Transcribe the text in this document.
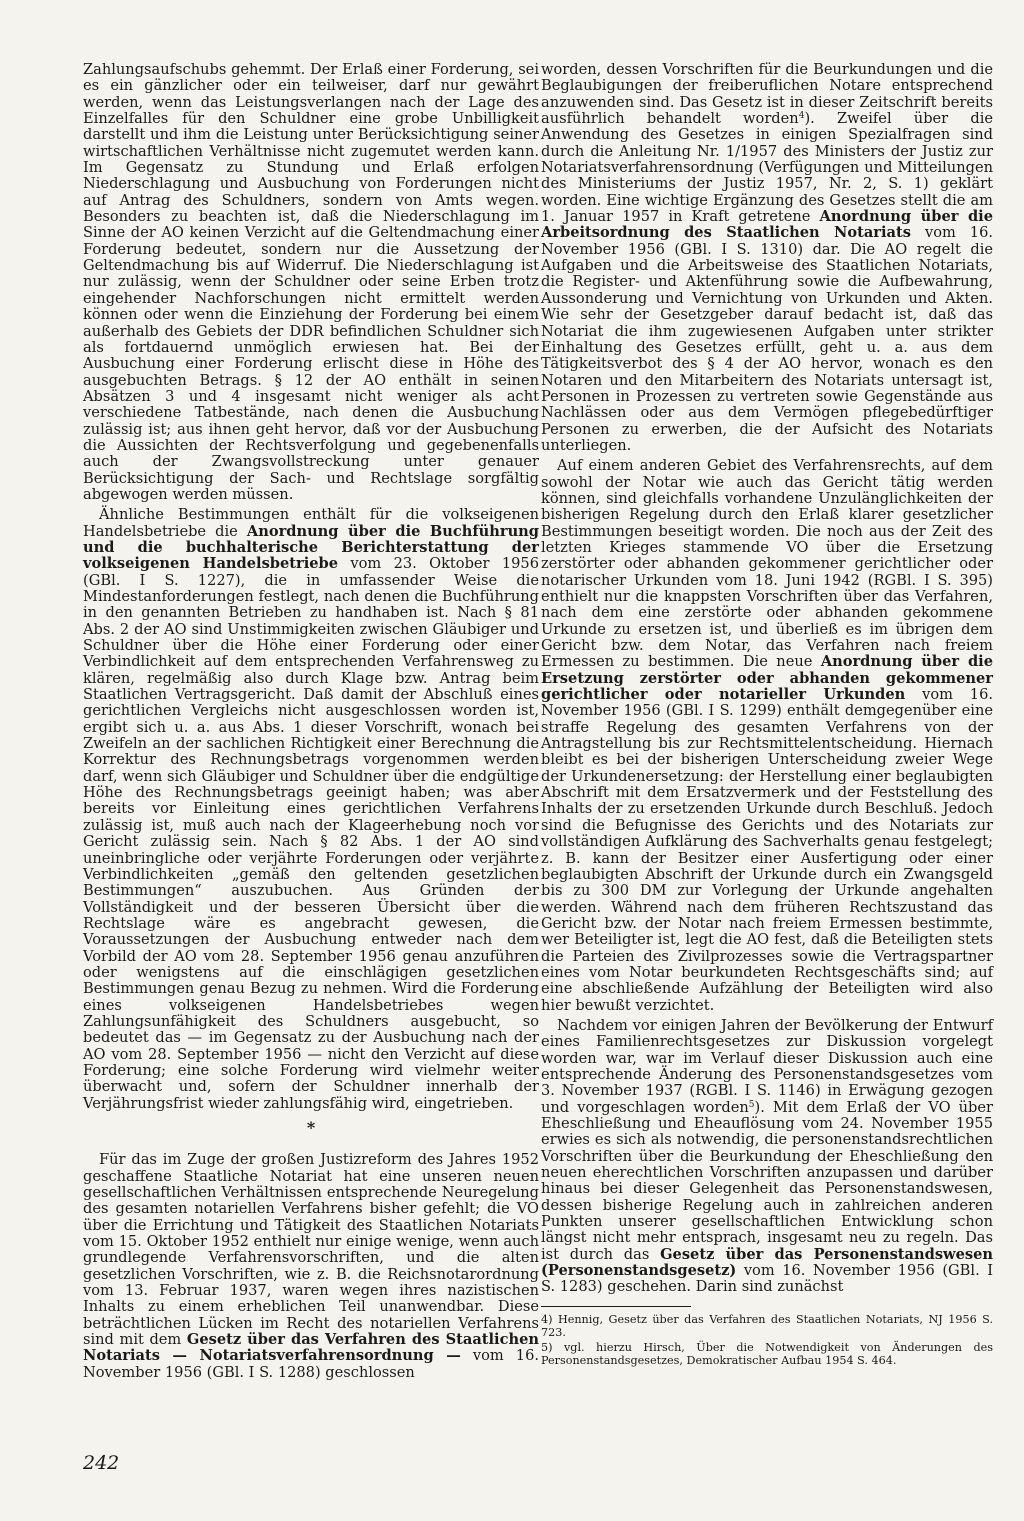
Zahlungsaufschubs gehemmt. Der Erlaß einer Forderung, sei es ein gänzlicher oder ein teilweiser, darf nur gewährt werden, wenn das Leistungsverlangen nach der Lage des Einzelfalles für den Schuldner eine grobe Unbilligkeit darstellt und ihm die Leistung unter Berücksichtigung seiner wirtschaftlichen Verhältnisse nicht zugemutet werden kann. Im Gegensatz zu Stundung und Erlaß erfolgen Niederschlagung und Ausbuchung von Forderungen nicht auf Antrag des Schuldners, sondern von Amts wegen. Besonders zu beachten ist, daß die Niederschlagung im Sinne der AO keinen Verzicht auf die Geltendmachung einer Forderung bedeutet, sondern nur die Aussetzung der Geltendmachung bis auf Widerruf. Die Niederschlagung ist nur zulässig, wenn der Schuldner oder seine Erben trotz eingehender Nachforschungen nicht ermittelt werden können oder wenn die Einziehung der Forderung bei einem außerhalb des Gebiets der DDR befindlichen Schuldner sich als fortdauernd unmöglich erwiesen hat. Bei der Ausbuchung einer Forderung erlischt diese in Höhe des ausgebuchten Betrags. § 12 der AO enthält in seinen Absätzen 3 und 4 insgesamt nicht weniger als acht verschiedene Tatbestände, nach denen die Ausbuchung zulässig ist; aus ihnen geht hervor, daß vor der Ausbuchung die Aussichten der Rechtsverfolgung und gegebenenfalls auch der Zwangsvollstreckung unter genauer Berücksichtigung der Sach- und Rechtslage sorgfältig abgewogen werden müssen.

Ähnliche Bestimmungen enthält für die volkseigenen Handelsbetriebe die Anordnung über die Buchführung und die buchhalterische Berichterstattung der volkseigenen Handelsbetriebe vom 23. Oktober 1956 (GBl. I S. 1227), die in umfassender Weise die Mindestanforderungen festlegt, nach denen die Buchführung in den genannten Betrieben zu handhaben ist. Nach § 81 Abs. 2 der AO sind Unstimmigkeiten zwischen Gläubiger und Schuldner über die Höhe einer Forderung oder einer Verbindlichkeit auf dem entsprechenden Verfahrensweg zu klären, regelmäßig also durch Klage bzw. Antrag beim Staatlichen Vertragsgericht. Daß damit der Abschluß eines gerichtlichen Vergleichs nicht ausgeschlossen worden ist, ergibt sich u. a. aus Abs. 1 dieser Vorschrift, wonach bei Zweifeln an der sachlichen Richtigkeit einer Berechnung die Korrektur des Rechnungsbetrags vorgenommen werden darf, wenn sich Gläubiger und Schuldner über die endgültige Höhe des Rechnungsbetrags geeinigt haben; was aber bereits vor Einleitung eines gerichtlichen Verfahrens zulässig ist, muß auch nach der Klageerhebung noch vor Gericht zulässig sein. Nach § 82 Abs. 1 der AO sind uneinbringliche oder verjährte Forderungen oder verjährte Verbindlichkeiten „gemäß den geltenden gesetzlichen Bestimmungen“ auszubuchen. Aus Gründen der Vollständigkeit und der besseren Übersicht über die Rechtslage wäre es angebracht gewesen, die Voraussetzungen der Ausbuchung entweder nach dem Vorbild der AO vom 28. September 1956 genau anzuführen oder wenigstens auf die einschlägigen gesetzlichen Bestimmungen genau Bezug zu nehmen. Wird die Forderung eines volkseigenen Handelsbetriebes wegen Zahlungsunfähigkeit des Schuldners ausgebucht, so bedeutet das — im Gegensatz zu der Ausbuchung nach der AO vom 28. September 1956 — nicht den Verzicht auf diese Forderung; eine solche Forderung wird vielmehr weiter überwacht und, sofern der Schuldner innerhalb der Verjährungsfrist wieder zahlungsfähig wird, eingetrieben.

*

Für das im Zuge der großen Justizreform des Jahres 1952 geschaffene Staatliche Notariat hat eine unseren neuen gesellschaftlichen Verhältnissen entsprechende Neuregelung des gesamten notariellen Verfahrens bisher gefehlt; die VO über die Errichtung und Tätigkeit des Staatlichen Notariats vom 15. Oktober 1952 enthielt nur einige wenige, wenn auch grundlegende Verfahrensvorschriften, und die alten gesetzlichen Vorschriften, wie z. B. die Reichsnotarordnung vom 13. Februar 1937, waren wegen ihres nazistischen Inhalts zu einem erheblichen Teil unanwendbar. Diese beträchtlichen Lücken im Recht des notariellen Verfahrens sind mit dem Gesetz über das Verfahren des Staatlichen Notariats — Notariatsverfahrensordnung — vom 16. November 1956 (GBl. I S. 1288) geschlossen

worden, dessen Vorschriften für die Beurkundungen und die Beglaubigungen der freiberuflichen Notare entsprechend anzuwenden sind. Das Gesetz ist in dieser Zeitschrift bereits ausführlich behandelt worden$^4$). Zweifel über die Anwendung des Gesetzes in einigen Spezialfragen sind durch die Anleitung Nr. 1/1957 des Ministers der Justiz zur Notariatsverfahrensordnung (Verfügungen und Mitteilungen des Ministeriums der Justiz 1957, Nr. 2, S. 1) geklärt worden. Eine wichtige Ergänzung des Gesetzes stellt die am 1. Januar 1957 in Kraft getretene Anordnung über die Arbeitsordnung des Staatlichen Notariats vom 16. November 1956 (GBl. I S. 1310) dar. Die AO regelt die Aufgaben und die Arbeitsweise des Staatlichen Notariats, die Register- und Aktenführung sowie die Aufbewahrung, Aussonderung und Vernichtung von Urkunden und Akten. Wie sehr der Gesetzgeber darauf bedacht ist, daß das Notariat die ihm zugewiesenen Aufgaben unter strikter Einhaltung des Gesetzes erfüllt, geht u. a. aus dem Tätigkeitsverbot des § 4 der AO hervor, wonach es den Notaren und den Mitarbeitern des Notariats untersagt ist, Personen in Prozessen zu vertreten sowie Gegenstände aus Nachlässen oder aus dem Vermögen pflegebedürftiger Personen zu erwerben, die der Aufsicht des Notariats unterliegen.

Auf einem anderen Gebiet des Verfahrensrechts, auf dem sowohl der Notar wie auch das Gericht tätig werden können, sind gleichfalls vorhandene Unzulänglichkeiten der bisherigen Regelung durch den Erlaß klarer gesetzlicher Bestimmungen beseitigt worden. Die noch aus der Zeit des letzten Krieges stammende VO über die Ersetzung zerstörter oder abhanden gekommener gerichtlicher oder notarischer Urkunden vom 18. Juni 1942 (RGBl. I S. 395) enthielt nur die knappsten Vorschriften über das Verfahren, nach dem eine zerstörte oder abhanden gekommene Urkunde zu ersetzen ist, und überließ es im übrigen dem Gericht bzw. dem Notar, das Verfahren nach freiem Ermessen zu bestimmen. Die neue Anordnung über die Ersetzung zerstörter oder abhanden gekommener gerichtlicher oder notarieller Urkunden vom 16. November 1956 (GBl. I S. 1299) enthält demgegenüber eine straffe Regelung des gesamten Verfahrens von der Antragstellung bis zur Rechtsmittelentscheidung. Hiernach bleibt es bei der bisherigen Unterscheidung zweier Wege der Urkundenersetzung: der Herstellung einer beglaubigten Abschrift mit dem Ersatzvermerk und der Feststellung des Inhalts der zu ersetzenden Urkunde durch Beschluß. Jedoch sind die Befugnisse des Gerichts und des Notariats zur vollständigen Aufklärung des Sachverhalts genau festgelegt; z. B. kann der Besitzer einer Ausfertigung oder einer beglaubigten Abschrift der Urkunde durch ein Zwangsgeld bis zu 300 DM zur Vorlegung der Urkunde angehalten werden. Während nach dem früheren Rechtszustand das Gericht bzw. der Notar nach freiem Ermessen bestimmte, wer Beteiligter ist, legt die AO fest, daß die Beteiligten stets die Parteien des Zivilprozesses sowie die Vertragspartner eines vom Notar beurkundeten Rechtsgeschäfts sind; auf eine abschließende Aufzählung der Beteiligten wird also hier bewußt verzichtet.

Nachdem vor einigen Jahren der Bevölkerung der Entwurf eines Familienrechtsgesetzes zur Diskussion vorgelegt worden war, war im Verlauf dieser Diskussion auch eine entsprechende Änderung des Personenstandsgesetzes vom 3. November 1937 (RGBl. I S. 1146) in Erwägung gezogen und vorgeschlagen worden$^5$). Mit dem Erlaß der VO über Eheschließung und Eheauflösung vom 24. November 1955 erwies es sich als notwendig, die personenstandsrechtlichen Vorschriften über die Beurkundung der Eheschließung den neuen eherechtlichen Vorschriften anzupassen und darüber hinaus bei dieser Gelegenheit das Personenstandswesen, dessen bisherige Regelung auch in zahlreichen anderen Punkten unserer gesellschaftlichen Entwicklung schon längst nicht mehr entsprach, insgesamt neu zu regeln. Das ist durch das Gesetz über das Personenstandswesen (Personenstandsgesetz) vom 16. November 1956 (GBl. I S. 1283) geschehen. Darin sind zunächst

4) Hennig, Gesetz über das Verfahren des Staatlichen Notariats, NJ 1956 S. 723.

5) vgl. hierzu Hirsch, Über die Notwendigkeit von Änderungen des Personenstandsgesetzes, Demokratischer Aufbau 1954 S. 464.

242
